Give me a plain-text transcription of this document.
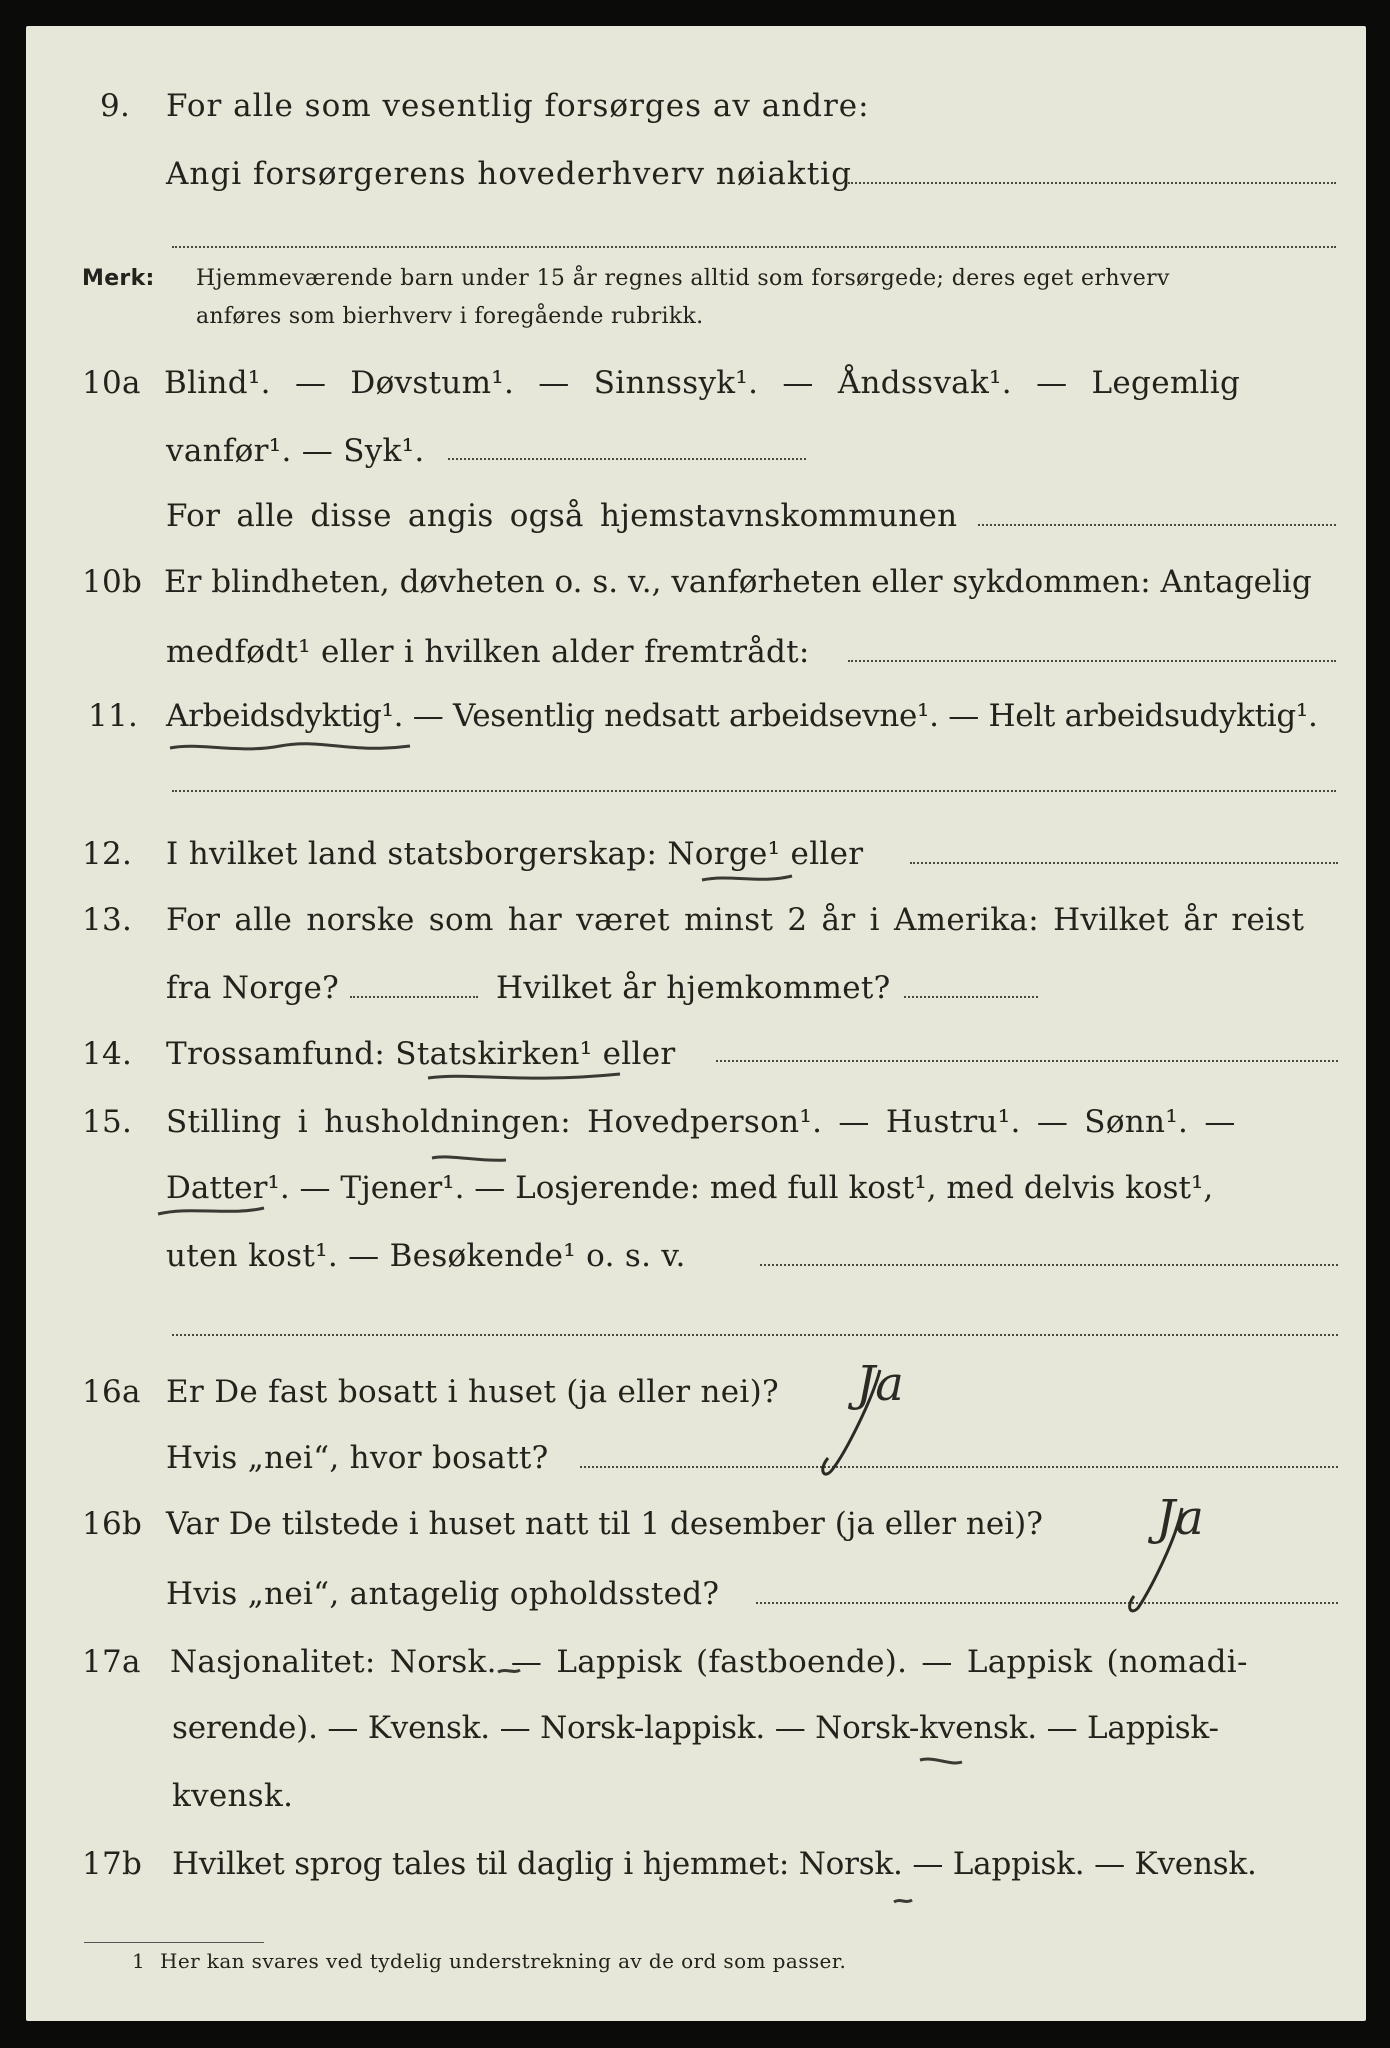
9. For alle som vesentlig forsørges av andre:
Angi forsørgerens hovederhverv nøiaktig
Merk: Hjemmeværende barn under 15 år regnes alltid som forsørgede; deres eget erhverv
anføres som bierhverv i foregående rubrikk.
10a Blind¹. — Døvstum¹. — Sinnssyk¹. — Åndssvak¹. — Legemlig
vanfør¹. — Syk¹.
For alle disse angis også hjemstavnskommunen
10b Er blindheten, døvheten o. s. v., vanførheten eller sykdommen: Antagelig
medfødt¹ eller i hvilken alder fremtrådt:
11. Arbeidsdyktig¹. — Vesentlig nedsatt arbeidsevne¹. — Helt arbeidsudyktig¹.
12. I hvilket land statsborgerskap: Norge¹ eller
13. For alle norske som har været minst 2 år i Amerika: Hvilket år reist
fra Norge?	Hvilket år hjemkommet?
14. Trossamfund: Statskirken¹ eller
15. Stilling i husholdningen: Hovedperson¹. — Hustru¹. — Sønn¹. —
Datter¹. — Tjener¹. — Losjerende: med full kost¹, med delvis kost¹,
uten kost¹. — Besøkende¹ o. s. v.
16a Er De fast bosatt i huset (ja eller nei)?
Hvis „nei“, hvor bosatt?
Ja
16b Var De tilstede i huset natt til 1 desember (ja eller nei)?
Hvis „nei“, antagelig opholdssted?
Ja
17a Nasjonalitet: Norsk. — Lappisk (fastboende). — Lappisk (nomadi-
serende). — Kvensk. — Norsk-lappisk. — Norsk-kvensk. — Lappisk-
kvensk.
17b Hvilket sprog tales til daglig i hjemmet: Norsk. — Lappisk. — Kvensk.
1 Her kan svares ved tydelig understrekning av de ord som passer.
